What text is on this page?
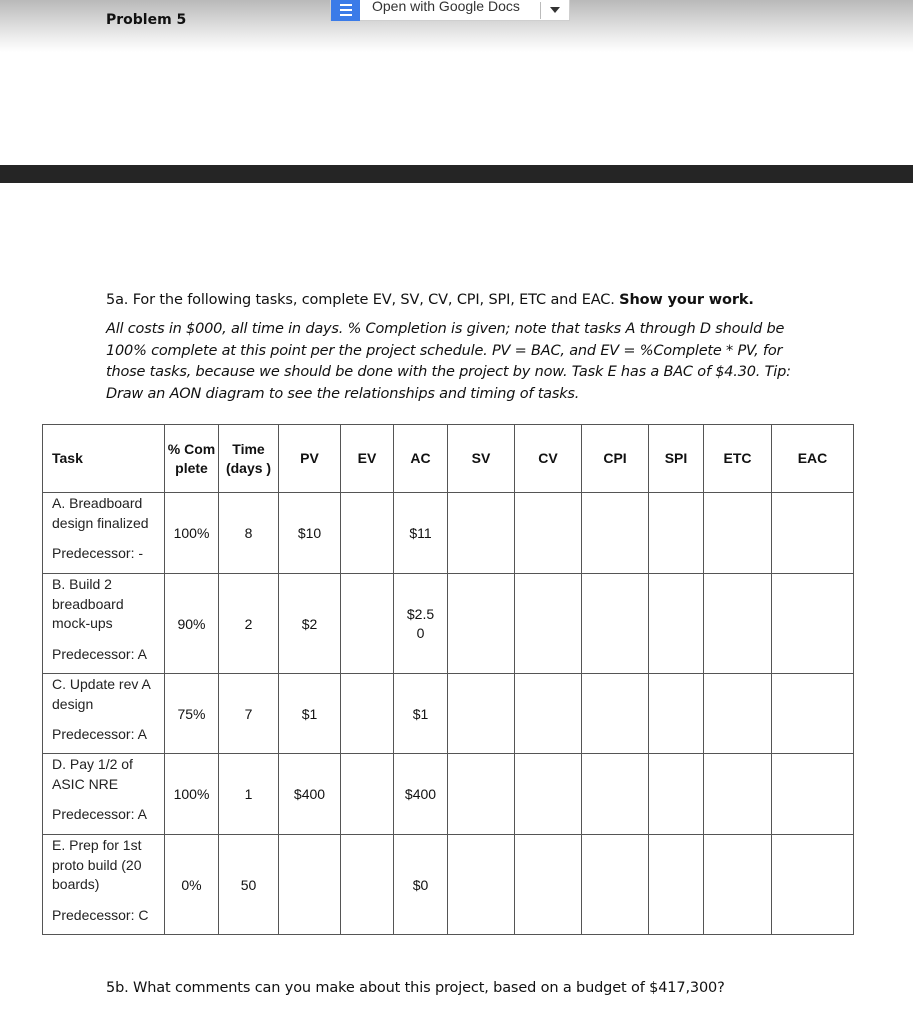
Problem 5
Open with Google Docs

5a. For the following tasks, complete EV, SV, CV, CPI, SPI, ETC and EAC. Show your work.

All costs in $000, all time in days. % Completion is given; note that tasks A through D should be 100% complete at this point per the project schedule. PV = BAC, and EV = %Complete * PV, for those tasks, because we should be done with the project by now. Task E has a BAC of $4.30. Tip: Draw an AON diagram to see the relationships and timing of tasks.

Task	% Com plete	Time (days )	PV	EV	AC	SV	CV	CPI	SPI	ETC	EAC

A. Breadboard design finalized
Predecessor: -	100%	8	$10		$11						

B. Build 2 breadboard mock-ups
Predecessor: A	90%	2	$2		$2.50						

C. Update rev A design
Predecessor: A	75%	7	$1		$1						

D. Pay 1/2 of ASIC NRE
Predecessor: A	100%	1	$400		$400						

E. Prep for 1st proto build (20 boards)
Predecessor: C	0%	50			$0						
5b. What comments can you make about this project, based on a budget of $417,300?
